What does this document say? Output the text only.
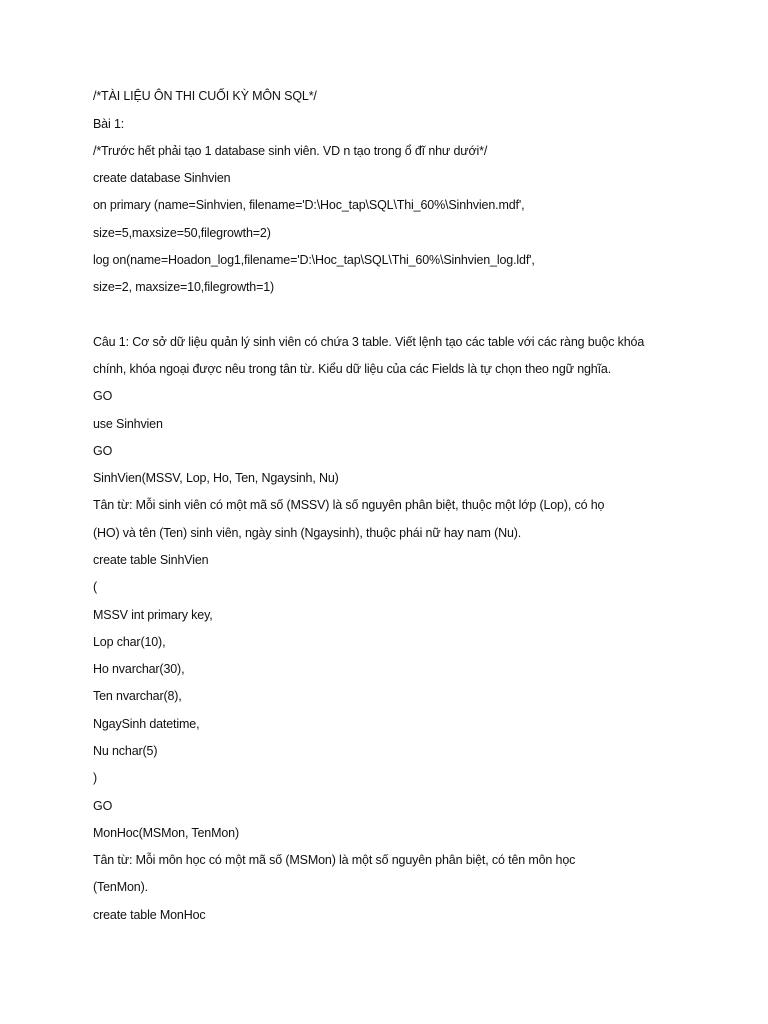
/*TÀI LIỆU ÔN THI CUỐI KỲ MÔN SQL*/
Bài 1:
/*Trước hết phải tạo 1 database sinh viên. VD n tạo trong ổ đĩ như dưới*/
create database Sinhvien
on primary (name=Sinhvien, filename='D:\Hoc_tap\SQL\Thi_60%\Sinhvien.mdf',
size=5,maxsize=50,filegrowth=2)
log on(name=Hoadon_log1,filename='D:\Hoc_tap\SQL\Thi_60%\Sinhvien_log.ldf',
size=2, maxsize=10,filegrowth=1)
Câu 1: Cơ sở dữ liệu quản lý sinh viên có chứa 3 table. Viết lệnh tạo các table với các ràng buộc khóa
chính, khóa ngoại được nêu trong tân từ. Kiểu dữ liệu của các Fields là tự chọn theo ngữ nghĩa.
GO
use Sinhvien
GO
SinhVien(MSSV, Lop, Ho, Ten, Ngaysinh, Nu)
Tân từ: Mỗi sinh viên có một mã số (MSSV) là số nguyên phân biệt, thuộc một lớp (Lop), có họ
(HO) và tên (Ten) sinh viên, ngày sinh (Ngaysinh), thuộc phái nữ hay nam (Nu).
create table SinhVien
(
MSSV int primary key,
Lop char(10),
Ho nvarchar(30),
Ten nvarchar(8),
NgaySinh datetime,
Nu nchar(5)
)
GO
MonHoc(MSMon, TenMon)
Tân từ: Mỗi môn học có một mã số (MSMon) là một số nguyên phân biệt, có tên môn học
(TenMon).
create table MonHoc
